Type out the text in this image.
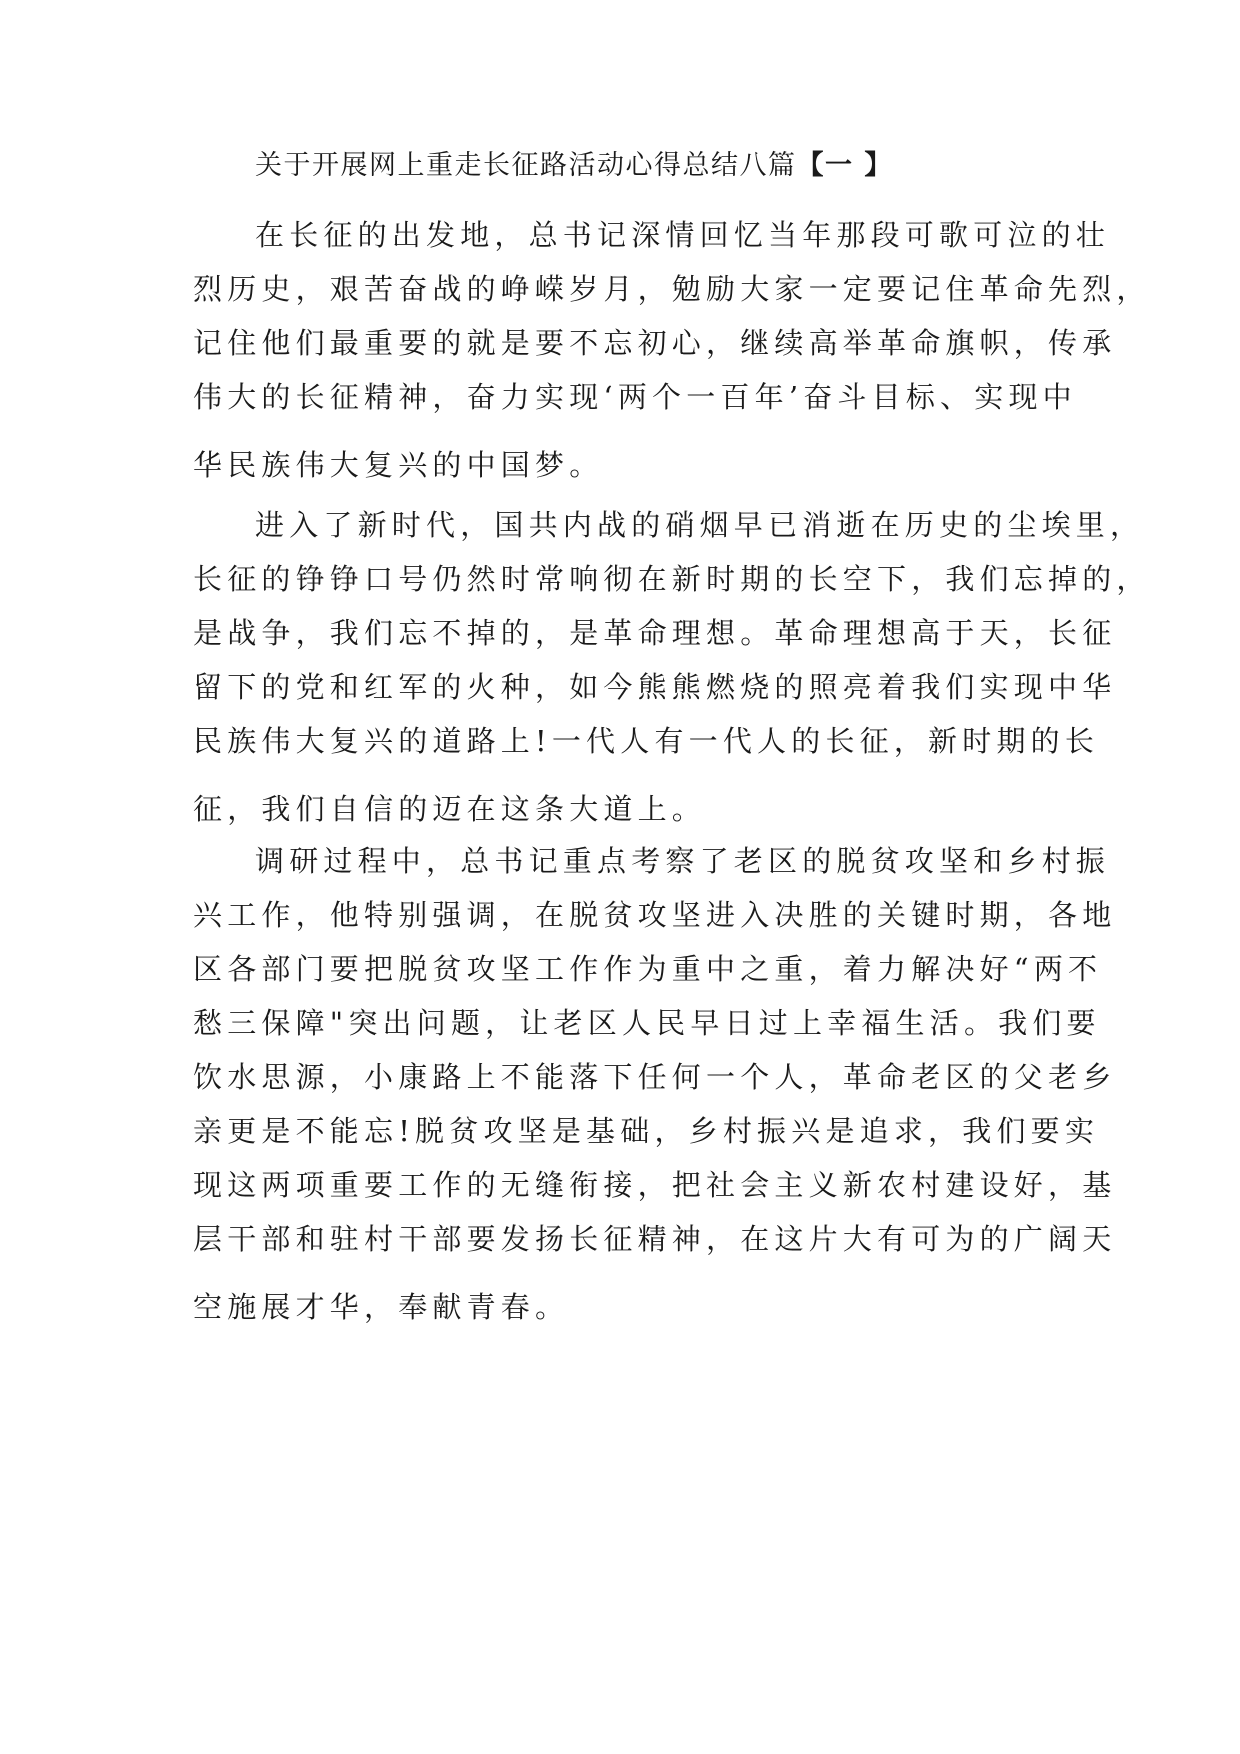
关于开展网上重走长征路活动心得总结八篇【一 】
在长征的出发地，总书记深情回忆当年那段可歌可泣的壮
烈历史，艰苦奋战的峥嵘岁月，勉励大家一定要记住革命先烈，
记住他们最重要的就是要不忘初心，继续高举革命旗帜，传承
伟大的长征精神，奋力实现‘两个一百年’奋斗目标、实现中
华民族伟大复兴的中国梦。
进入了新时代，国共内战的硝烟早已消逝在历史的尘埃里，
长征的铮铮口号仍然时常响彻在新时期的长空下，我们忘掉的，
是战争，我们忘不掉的，是革命理想。革命理想高于天，长征
留下的党和红军的火种，如今熊熊燃烧的照亮着我们实现中华
民族伟大复兴的道路上!一代人有一代人的长征，新时期的长
征，我们自信的迈在这条大道上。
调研过程中，总书记重点考察了老区的脱贫攻坚和乡村振
兴工作，他特别强调，在脱贫攻坚进入决胜的关键时期，各地
区各部门要把脱贫攻坚工作作为重中之重，着力解决好“两不
愁三保障"突出问题，让老区人民早日过上幸福生活。我们要
饮水思源，小康路上不能落下任何一个人，革命老区的父老乡
亲更是不能忘!脱贫攻坚是基础，乡村振兴是追求，我们要实
现这两项重要工作的无缝衔接，把社会主义新农村建设好，基
层干部和驻村干部要发扬长征精神，在这片大有可为的广阔天
空施展才华，奉献青春。
